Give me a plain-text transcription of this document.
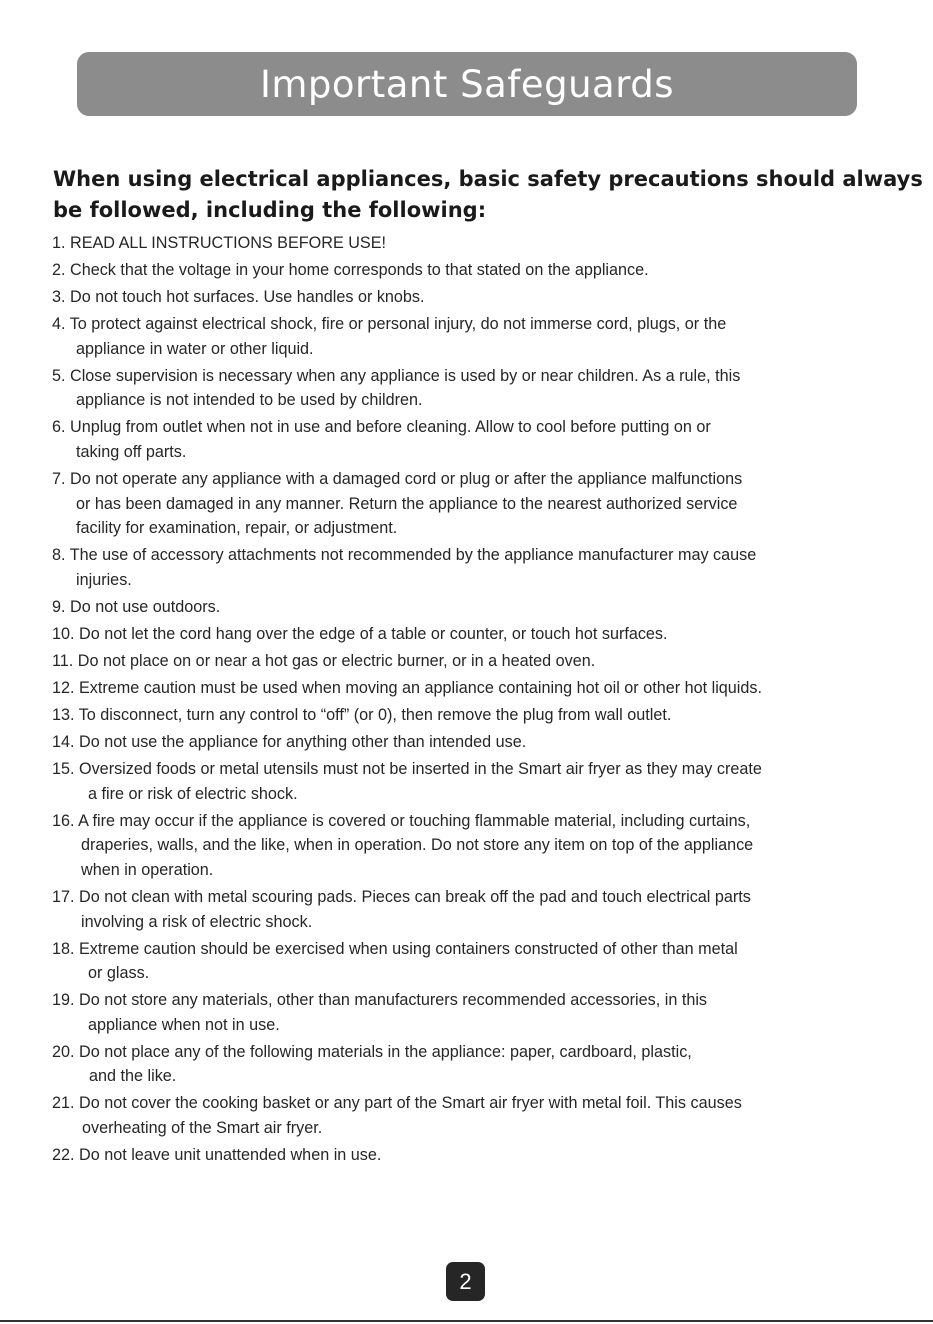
Important Safeguards
When using electrical appliances, basic safety precautions should always
be followed, including the following:
1. READ ALL INSTRUCTIONS BEFORE USE!
2. Check that the voltage in your home corresponds to that stated on the appliance.
3. Do not touch hot surfaces. Use handles or knobs.
4. To protect against electrical shock, fire or personal injury, do not immerse cord, plugs, or the
appliance in water or other liquid.
5. Close supervision is necessary when any appliance is used by or near children. As a rule, this
appliance is not intended to be used by children.
6. Unplug from outlet when not in use and before cleaning. Allow to cool before putting on or
taking off parts.
7. Do not operate any appliance with a damaged cord or plug or after the appliance malfunctions
or has been damaged in any manner. Return the appliance to the nearest authorized service
facility for examination, repair, or adjustment.
8. The use of accessory attachments not recommended by the appliance manufacturer may cause
injuries.
9. Do not use outdoors.
10. Do not let the cord hang over the edge of a table or counter, or touch hot surfaces.
11. Do not place on or near a hot gas or electric burner, or in a heated oven.
12. Extreme caution must be used when moving an appliance containing hot oil or other hot liquids.
13. To disconnect, turn any control to “off” (or 0), then remove the plug from wall outlet.
14. Do not use the appliance for anything other than intended use.
15. Oversized foods or metal utensils must not be inserted in the Smart air fryer as they may create
a fire or risk of electric shock.
16. A fire may occur if the appliance is covered or touching flammable material, including curtains,
draperies, walls, and the like, when in operation. Do not store any item on top of the appliance
when in operation.
17. Do not clean with metal scouring pads. Pieces can break off the pad and touch electrical parts
involving a risk of electric shock.
18. Extreme caution should be exercised when using containers constructed of other than metal
or glass.
19. Do not store any materials, other than manufacturers recommended accessories, in this
appliance when not in use.
20. Do not place any of the following materials in the appliance: paper, cardboard, plastic,
and the like.
21. Do not cover the cooking basket or any part of the Smart air fryer with metal foil. This causes
overheating of the Smart air fryer.
22. Do not leave unit unattended when in use.
2
